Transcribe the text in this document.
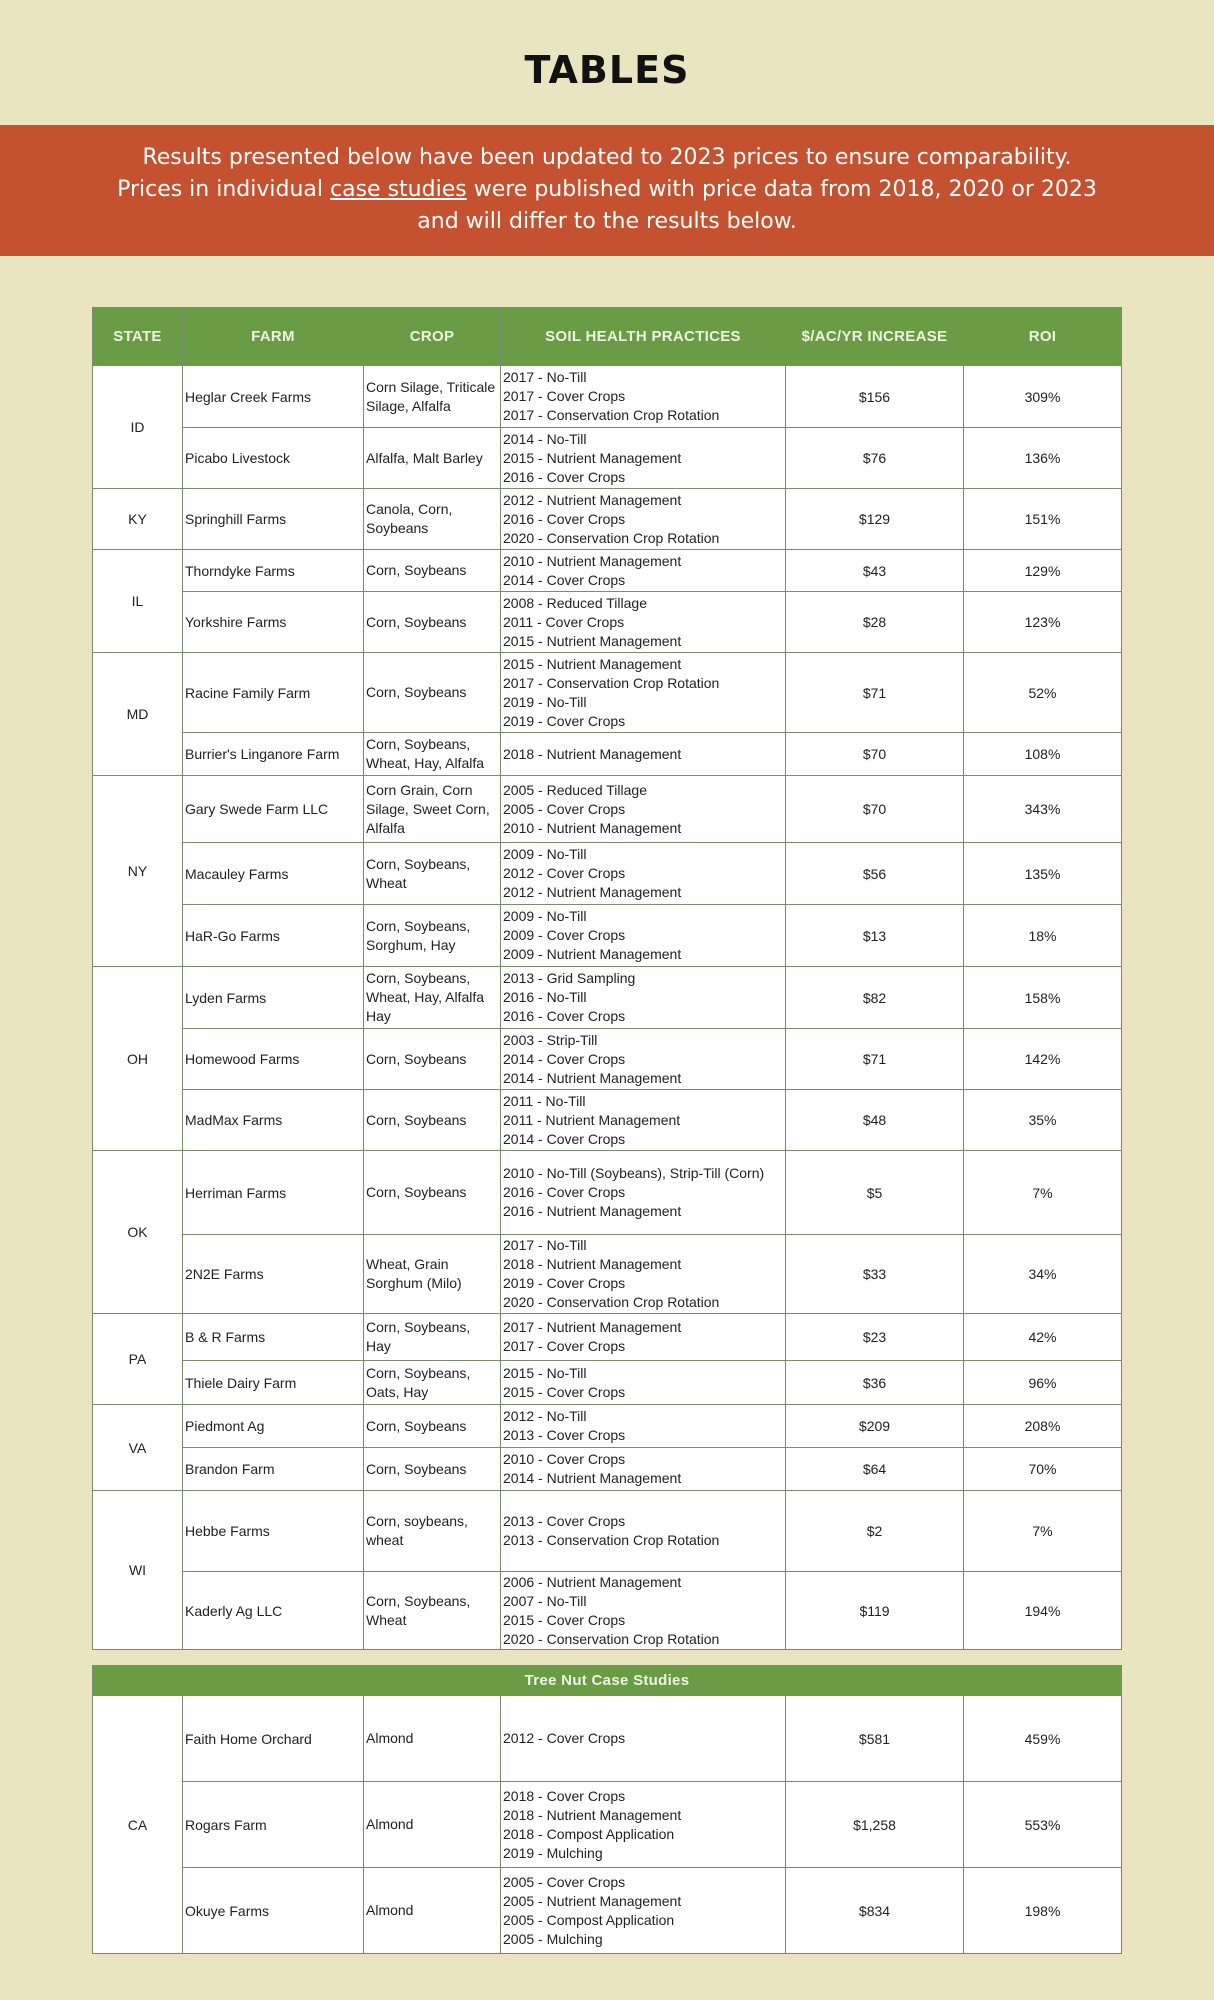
TABLES
Results presented below have been updated to 2023 prices to ensure comparability.
Prices in individual case studies were published with price data from 2018, 2020 or 2023
and will differ to the results below.
STATE	FARM	CROP	SOIL HEALTH PRACTICES	$/AC/YR INCREASE	ROI
ID	Heglar Creek Farms	Corn Silage, Triticale Silage, Alfalfa	2017 - No-Till
2017 - Cover Crops
2017 - Conservation Crop Rotation	$156	309%
	Picabo Livestock	Alfalfa, Malt Barley	2014 - No-Till
2015 - Nutrient Management
2016 - Cover Crops	$76	136%
KY	Springhill Farms	Canola, Corn, Soybeans	2012 - Nutrient Management
2016 - Cover Crops
2020 - Conservation Crop Rotation	$129	151%
IL	Thorndyke Farms	Corn, Soybeans	2010 - Nutrient Management
2014 - Cover Crops	$43	129%
	Yorkshire Farms	Corn, Soybeans	2008 - Reduced Tillage
2011 - Cover Crops
2015 - Nutrient Management	$28	123%
MD	Racine Family Farm	Corn, Soybeans	2015 - Nutrient Management
2017 - Conservation Crop Rotation
2019 - No-Till
2019 - Cover Crops	$71	52%
	Burrier's Linganore Farm	Corn, Soybeans, Wheat, Hay, Alfalfa	2018 - Nutrient Management	$70	108%
NY	Gary Swede Farm LLC	Corn Grain, Corn Silage, Sweet Corn, Alfalfa	2005 - Reduced Tillage
2005 - Cover Crops
2010 - Nutrient Management	$70	343%
	Macauley Farms	Corn, Soybeans, Wheat	2009 - No-Till
2012 - Cover Crops
2012 - Nutrient Management	$56	135%
	HaR-Go Farms	Corn, Soybeans, Sorghum, Hay	2009 - No-Till
2009 - Cover Crops
2009 - Nutrient Management	$13	18%
OH	Lyden Farms	Corn, Soybeans, Wheat, Hay, Alfalfa Hay	2013 - Grid Sampling
2016 - No-Till
2016 - Cover Crops	$82	158%
	Homewood Farms	Corn, Soybeans	2003 - Strip-Till
2014 - Cover Crops
2014 - Nutrient Management	$71	142%
	MadMax Farms	Corn, Soybeans	2011 - No-Till
2011 - Nutrient Management
2014 - Cover Crops	$48	35%
OK	Herriman Farms	Corn, Soybeans	2010 - No-Till (Soybeans), Strip-Till (Corn)
2016 - Cover Crops
2016 - Nutrient Management	$5	7%
	2N2E Farms	Wheat, Grain Sorghum (Milo)	2017 - No-Till
2018 - Nutrient Management
2019 - Cover Crops
2020 - Conservation Crop Rotation	$33	34%
PA	B & R Farms	Corn, Soybeans, Hay	2017 - Nutrient Management
2017 - Cover Crops	$23	42%
	Thiele Dairy Farm	Corn, Soybeans, Oats, Hay	2015 - No-Till
2015 - Cover Crops	$36	96%
VA	Piedmont Ag	Corn, Soybeans	2012 - No-Till
2013 - Cover Crops	$209	208%
	Brandon Farm	Corn, Soybeans	2010 - Cover Crops
2014 - Nutrient Management	$64	70%
WI	Hebbe Farms	Corn, soybeans, wheat	2013 - Cover Crops
2013 - Conservation Crop Rotation	$2	7%
	Kaderly Ag LLC	Corn, Soybeans, Wheat	2006 - Nutrient Management
2007 - No-Till
2015 - Cover Crops
2020 - Conservation Crop Rotation	$119	194%
Tree Nut Case Studies					
CA	Faith Home Orchard	Almond	2012 - Cover Crops	$581	459%
	Rogars Farm	Almond	2018 - Cover Crops
2018 - Nutrient Management
2018 - Compost Application
2019 - Mulching	$1,258	553%
	Okuye Farms	Almond	2005 - Cover Crops
2005 - Nutrient Management
2005 - Compost Application
2005 - Mulching	$834	198%
